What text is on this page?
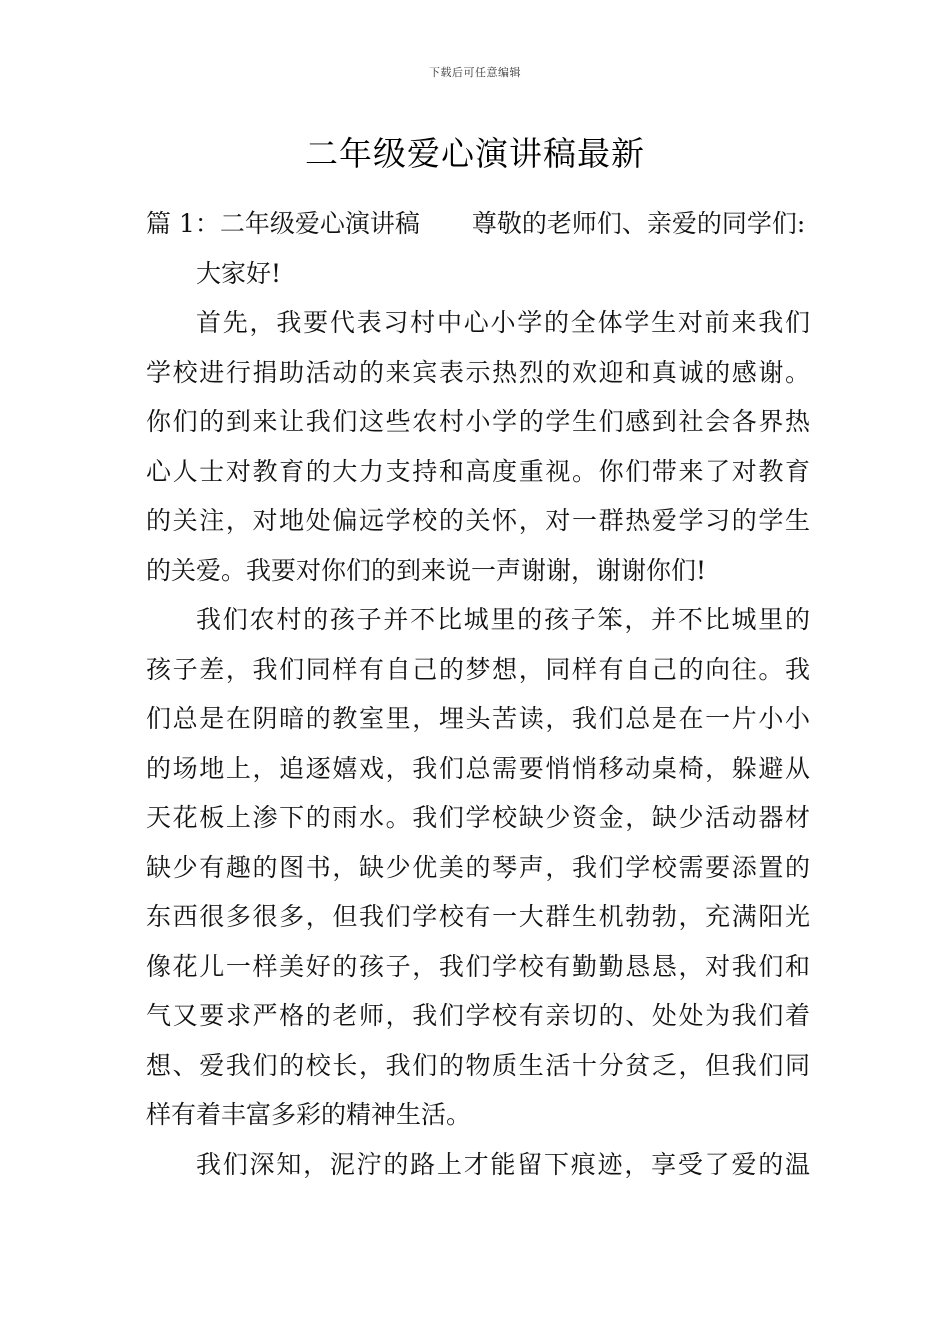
下载后可任意编辑
二年级爱心演讲稿最新
篇 1：二年级爱心演讲稿 尊敬的老师们、亲爱的同学们:
大家好!
首先，我要代表习村中心小学的全体学生对前来我们
学校进行捐助活动的来宾表示热烈的欢迎和真诚的感谢。
你们的到来让我们这些农村小学的学生们感到社会各界热
心人士对教育的大力支持和高度重视。你们带来了对教育
的关注，对地处偏远学校的关怀，对一群热爱学习的学生
的关爱。我要对你们的到来说一声谢谢，谢谢你们!
我们农村的孩子并不比城里的孩子笨，并不比城里的
孩子差，我们同样有自己的梦想，同样有自己的向往。我
们总是在阴暗的教室里，埋头苦读，我们总是在一片小小
的场地上，追逐嬉戏，我们总需要悄悄移动桌椅，躲避从
天花板上渗下的雨水。我们学校缺少资金，缺少活动器材
缺少有趣的图书，缺少优美的琴声，我们学校需要添置的
东西很多很多，但我们学校有一大群生机勃勃，充满阳光
像花儿一样美好的孩子，我们学校有勤勤恳恳，对我们和
气又要求严格的老师，我们学校有亲切的、处处为我们着
想、爱我们的校长，我们的物质生活十分贫乏，但我们同
样有着丰富多彩的精神生活。
我们深知，泥泞的路上才能留下痕迹，享受了爱的温
